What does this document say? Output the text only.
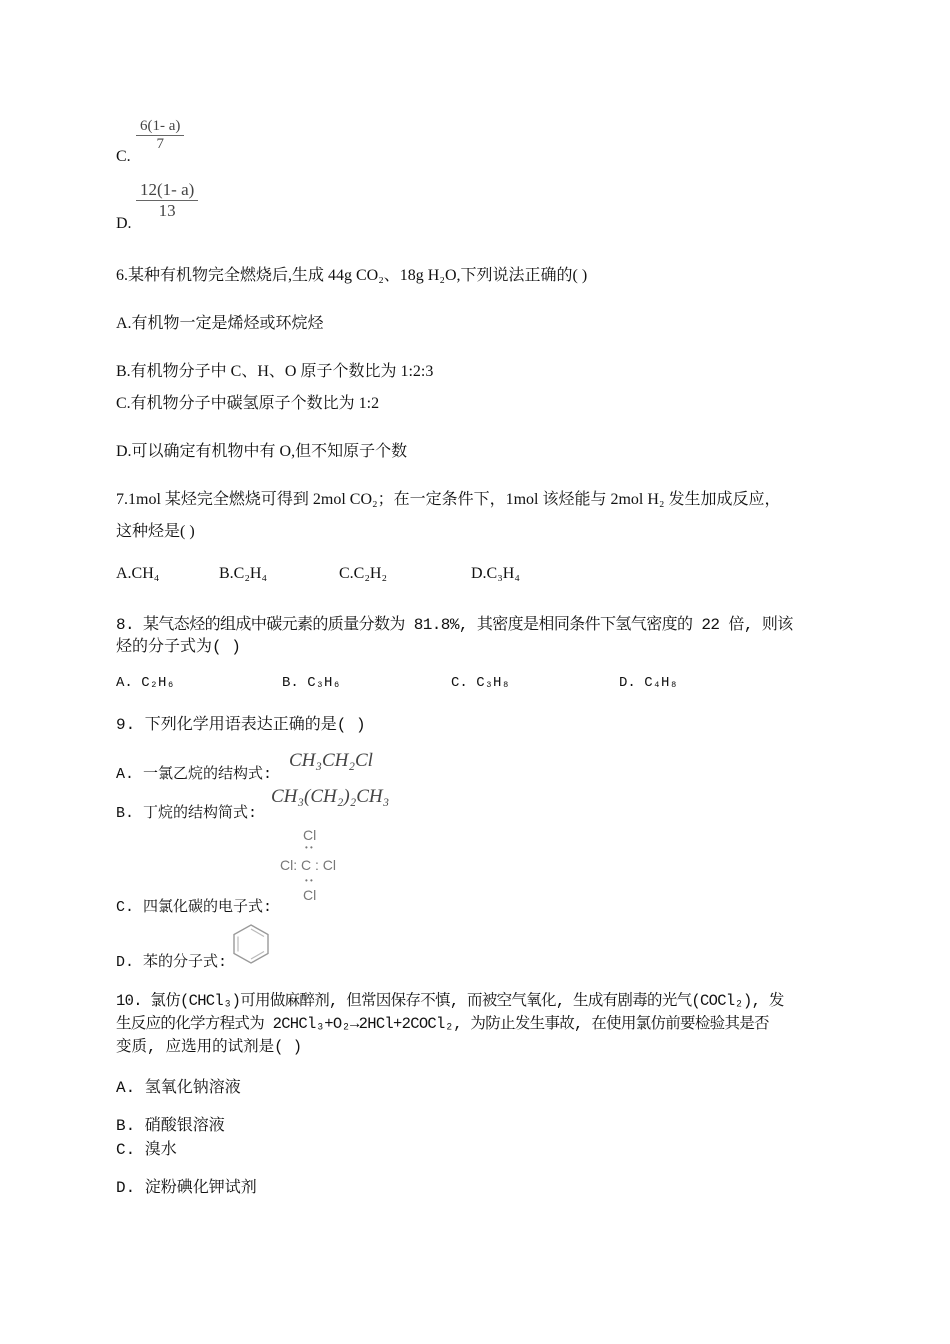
6(1- a)
7
C.
12(1- a)
13
D.
6.某种有机物完全燃烧后,生成 44g CO₂、18g H₂O,下列说法正确的( )
A.有机物一定是烯烃或环烷烃
B.有机物分子中 C、H、O 原子个数比为 1:2:3
C.有机物分子中碳氢原子个数比为 1:2
D.可以确定有机物中有 O,但不知原子个数
7.1mol 某烃完全燃烧可得到 2mol CO₂；在一定条件下，1mol 该烃能与 2mol H₂ 发生加成反应，
这种烃是( )
A.CH₄	B.C₂H₄	C.C₂H₂	D.C₃H₄
8. 某气态烃的组成中碳元素的质量分数为 81.8%, 其密度是相同条件下氢气密度的 22 倍, 则该
烃的分子式为( )
A. C₂H₆	B. C₃H₆	C. C₃H₈	D. C₄H₈
9. 下列化学用语表达正确的是( )
A. 一氯乙烷的结构式:
CH₃CH₂Cl
B. 丁烷的结构简式:
CH₃(CH₂)₂CH₃
Cl
• •
Cl: C : Cl
• •
Cl
C. 四氯化碳的电子式:
D. 苯的分子式:
10. 氯仿(CHCl₃)可用做麻醉剂, 但常因保存不慎, 而被空气氧化, 生成有剧毒的光气(COCl₂), 发
生反应的化学方程式为 2CHCl₃+O₂→2HCl+2COCl₂, 为防止发生事故, 在使用氯仿前要检验其是否
变质, 应选用的试剂是( )
A. 氢氧化钠溶液
B. 硝酸银溶液
C. 溴水
D. 淀粉碘化钾试剂
